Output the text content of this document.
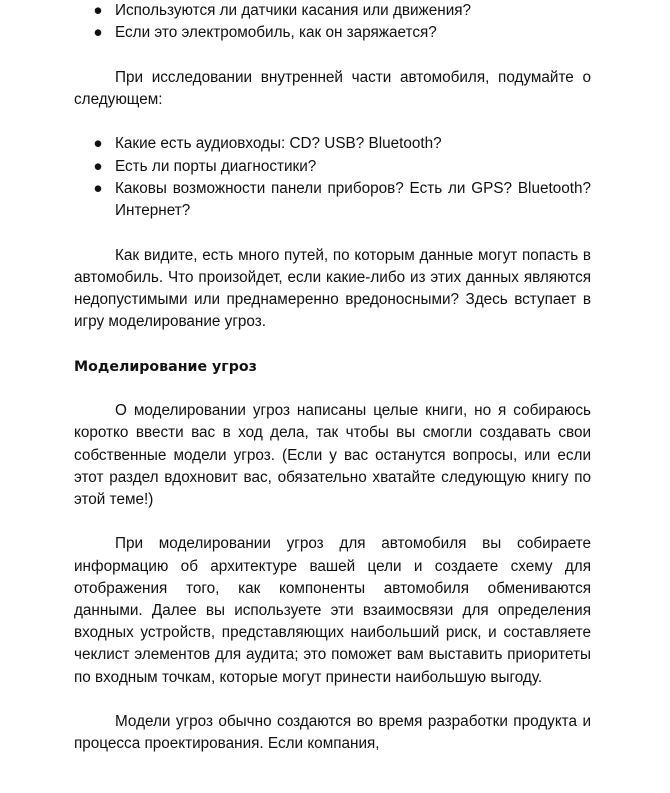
● Используются ли датчики касания или движения?
● Если это электромобиль, как он заряжается?

При исследовании внутренней части автомобиля, подумайте о следующем:

● Какие есть аудиовходы: CD? USB? Bluetooth?
● Есть ли порты диагностики?
● Каковы возможности панели приборов? Есть ли GPS? Bluetooth? Интернет?

Как видите, есть много путей, по которым данные могут попасть в автомобиль. Что произойдет, если какие-либо из этих данных являются недопустимыми или преднамеренно вредоносными? Здесь вступает в игру моделирование угроз.

Моделирование угроз

О моделировании угроз написаны целые книги, но я собираюсь коротко ввести вас в ход дела, так чтобы вы смогли создавать свои собственные модели угроз. (Если у вас останутся вопросы, или если этот раздел вдохновит вас, обязательно хватайте следующую книгу по этой теме!)

При моделировании угроз для автомобиля вы собираете информацию об архитектуре вашей цели и создаете схему для отображения того, как компоненты автомобиля обмениваются данными. Далее вы используете эти взаимосвязи для определения входных устройств, представляющих наибольший риск, и составляете чеклист элементов для аудита; это поможет вам выставить приоритеты по входным точкам, которые могут принести наибольшую выгоду.

Модели угроз обычно создаются во время разработки продукта и процесса проектирования. Если компания,
